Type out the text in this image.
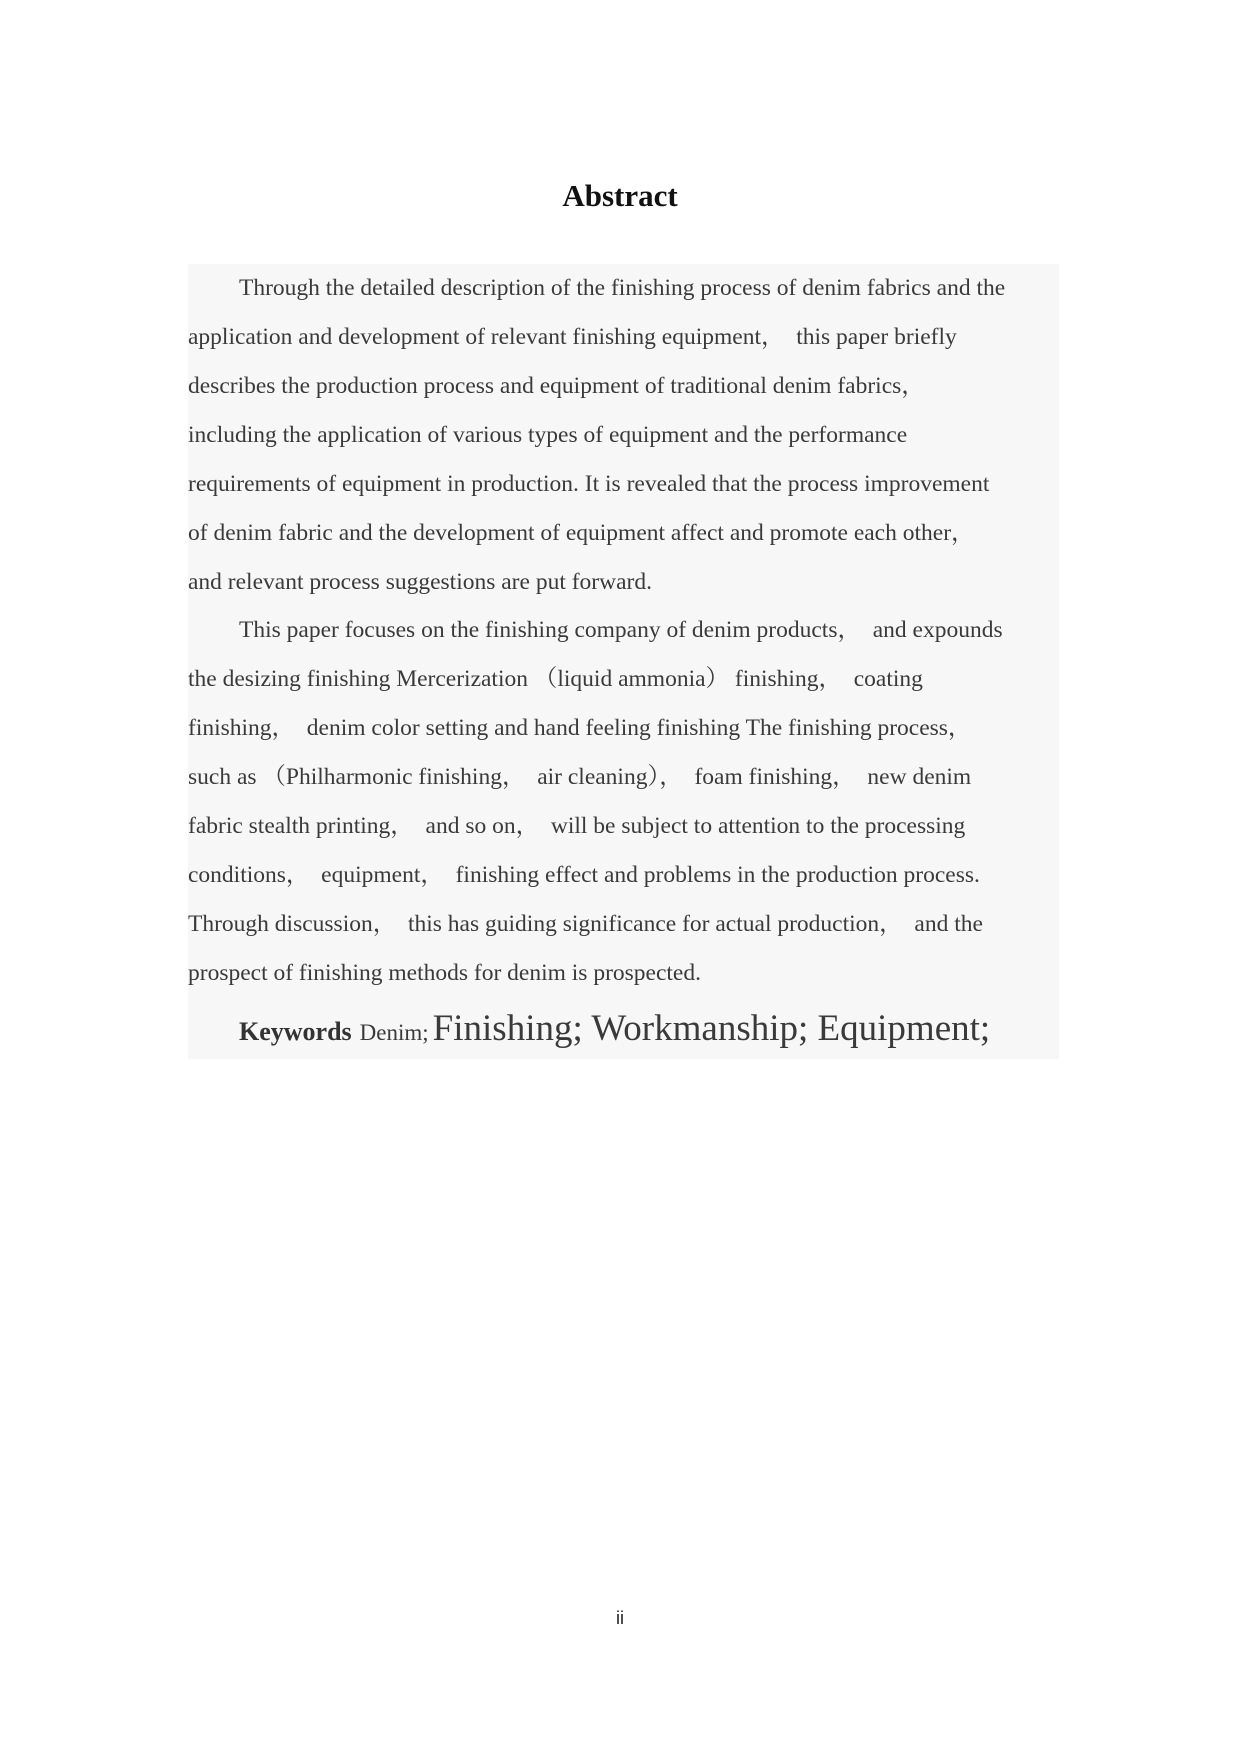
Abstract
Through the detailed description of the finishing process of denim fabrics and the
application and development of relevant finishing equipment，  this paper briefly
describes the production process and equipment of traditional denim fabrics，
including the application of various types of equipment and the performance
requirements of equipment in production. It is revealed that the process improvement
of denim fabric and the development of equipment affect and promote each other，
and relevant process suggestions are put forward.
This paper focuses on the finishing company of denim products，  and expounds
the desizing finishing Mercerization （liquid ammonia） finishing，  coating
finishing，  denim color setting and hand feeling finishing The finishing process，
such as （Philharmonic finishing，  air cleaning），  foam finishing，  new denim
fabric stealth printing，  and so on，  will be subject to attention to the processing
conditions，  equipment，  finishing effect and problems in the production process.
Through discussion，  this has guiding significance for actual production，  and the
prospect of finishing methods for denim is prospected.
Keywords Denim; Finishing; Workmanship; Equipment;
ii
